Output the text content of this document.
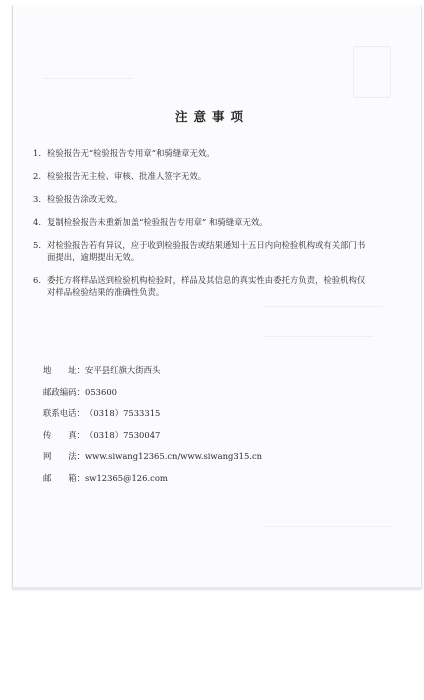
注意事项
1. 检验报告无“检验报告专用章”和骑缝章无效。
2. 检验报告无主检、审核、批准人签字无效。
3. 检验报告涂改无效。
4. 复制检验报告未重新加盖“检验报告专用章” 和骑缝章无效。
5. 对检验报告若有异议，应于收到检验报告或结果通知十五日内向检验机构或有关部门书面提出，逾期提出无效。
6. 委托方将样品送到检验机构检验时，样品及其信息的真实性由委托方负责，检验机构仅对样品检验结果的准确性负责。
地 址： 安平县红旗大街西头
邮政编码 ： 053600
联系电话 ： （0318）7533315
传 真： （0318）7530047
网 法： www.siwang12365.cn/www.siwang315.cn
邮 箱： sw12365@126.com
